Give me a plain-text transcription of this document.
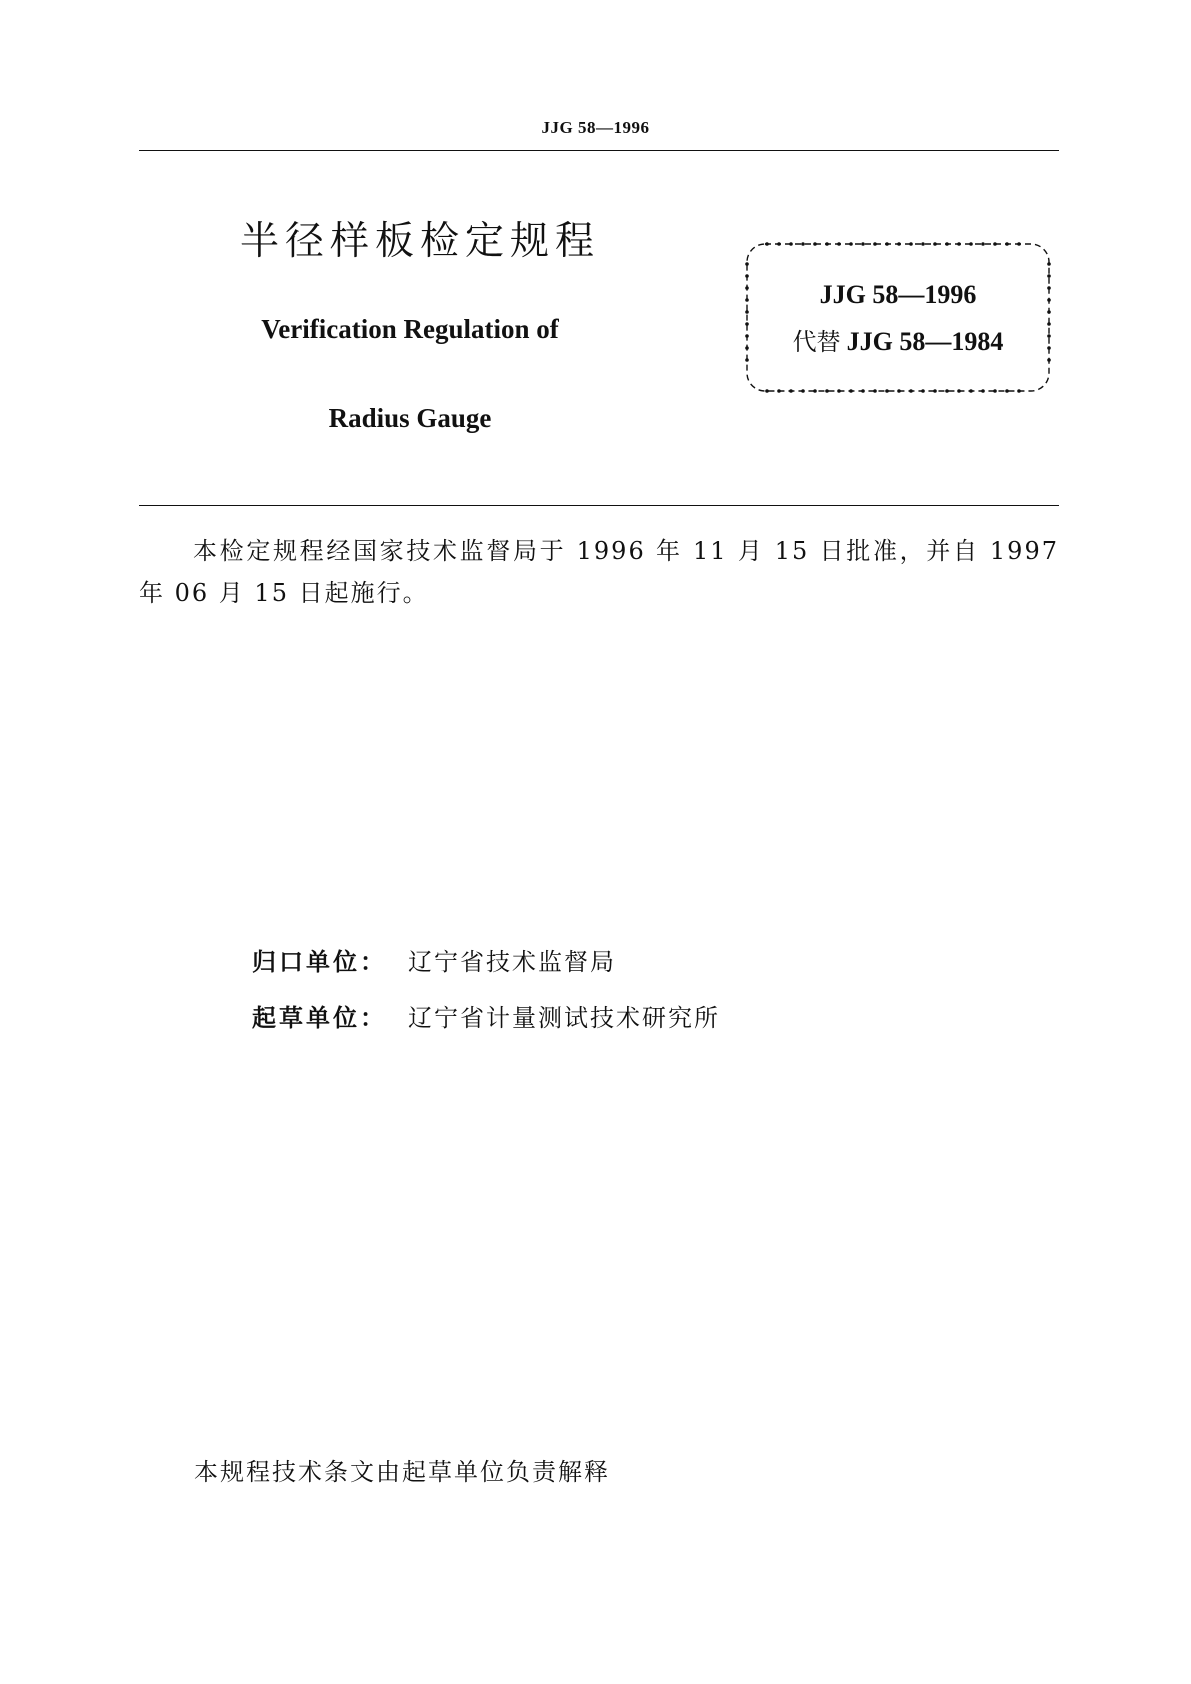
JJG 58—1996
半径样板检定规程
Verification Regulation of
Radius Gauge
JJG 58—1996
代替 JJG 58—1984
本检定规程经国家技术监督局于 1996 年 11 月 15 日批准，并自 1997 年 06 月 15 日起施行。
归口单位： 辽宁省技术监督局
起草单位： 辽宁省计量测试技术研究所
本规程技术条文由起草单位负责解释
